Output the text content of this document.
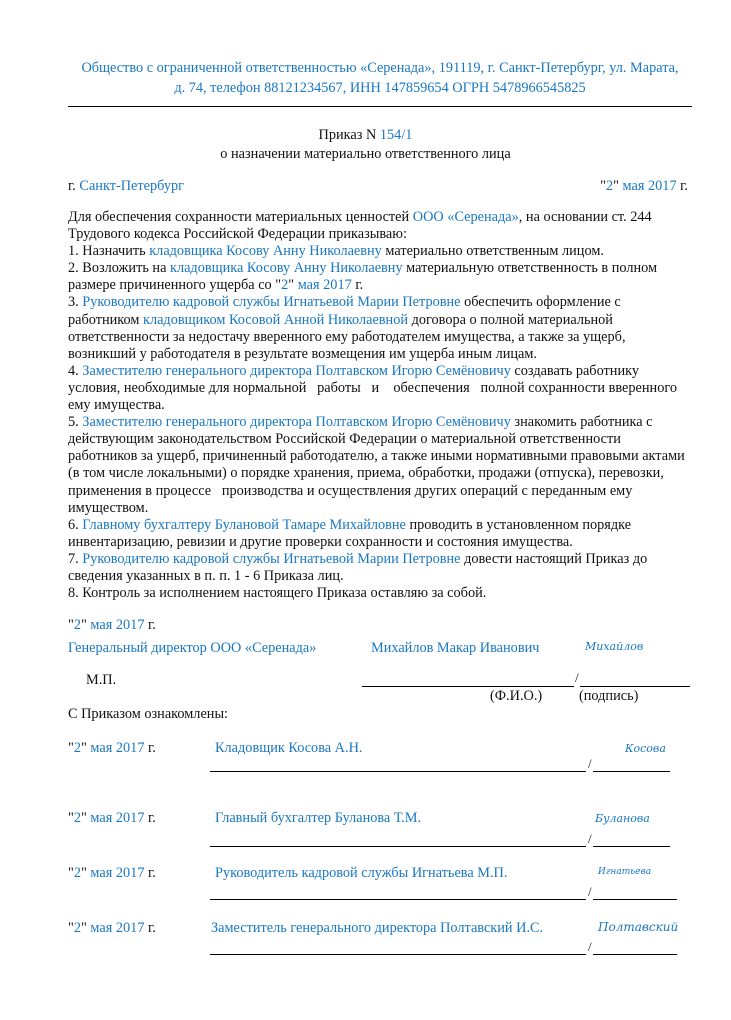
Общество с ограниченной ответственностью «Серенада», 191119, г. Санкт-Петербург, ул. Марата,
д. 74, телефон 88121234567, ИНН 147859654 ОГРН 5478966545825
Приказ N 154/1
о назначении материально ответственного лица
г. Санкт-Петербург	"2" мая 2017 г.

Для обеспечения сохранности материальных ценностей ООО «Серенада», на основании ст. 244 Трудового кодекса Российской Федерации приказываю:

1. Назначить кладовщика Косову Анну Николаевну материально ответственным лицом.

2. Возложить на кладовщика Косову Анну Николаевну материальную ответственность в полном размере причиненного ущерба со "2" мая 2017 г.

3. Руководителю кадровой службы Игнатьевой Марии Петровне обеспечить оформление с работником кладовщиком Косовой Анной Николаевной договора о полной материальной ответственности за недостачу вверенного ему работодателем имущества, а также за ущерб, возникший у работодателя в результате возмещения им ущерба иным лицам.

4. Заместителю генерального директора Полтавском Игорю Семёновичу создавать работнику условия, необходимые для нормальной   работы   и    обеспечения   полной сохранности вверенного ему имущества.

5. Заместителю генерального директора Полтавском Игорю Семёновичу знакомить работника с действующим законодательством Российской Федерации о материальной ответственности работников за ущерб, причиненный работодателю, а также иными нормативными правовыми актами (в том числе локальными) о порядке хранения, приема, обработки, продажи (отпуска), перевозки, применения в процессе   производства и осуществления других операций с переданным ему имуществом.

6. Главному бухгалтеру Булановой Тамаре Михайловне проводить в установленном порядке инвентаризацию, ревизии и другие проверки сохранности и состояния имущества.

7. Руководителю кадровой службы Игнатьевой Марии Петровне довести настоящий Приказ до сведения указанных в п. п. 1 - 6 Приказа лиц.

8. Контроль за исполнением настоящего Приказа оставляю за собой.

"2" мая 2017 г.
Генеральный директор ООО «Серенада»	Михайлов Макар Иванович	Михайлов
М.П.	/
(Ф.И.О.)	(подпись)
С Приказом ознакомлены:
"2" мая 2017 г.	Кладовщик Косова А.Н.	Косова
/
"2" мая 2017 г.	Главный бухгалтер Буланова Т.М.	Буланова
/
"2" мая 2017 г.	Руководитель кадровой службы Игнатьева М.П.	Игнатьева
/
"2" мая 2017 г.	Заместитель генерального директора Полтавский И.С.	Полтавский
/
